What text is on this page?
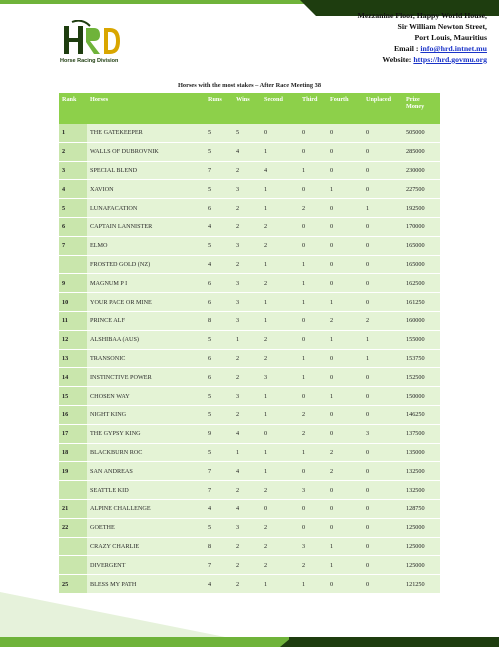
Horse Racing Division
Mezzanine Floor, Happy World House,
Sir William Newton Street,
Port Louis, Mauritius
Email : info@hrd.intnet.mu
Website: https://hrd.govmu.org
Horses with the most stakes – After Race Meeting 38
Rank	Horses	Runs	Wins	Second	Third	Fourth	Unplaced	Prize Money
1	THE GATEKEEPER	5	5	0	0	0	0	505000
2	WALLS OF DUBROVNIK	5	4	1	0	0	0	285000
3	SPECIAL BLEND	7	2	4	1	0	0	230000
4	XAVION	5	3	1	0	1	0	227500
5	LUNAFACATION	6	2	1	2	0	1	192500
6	CAPTAIN LANNISTER	4	2	2	0	0	0	170000
7	ELMO	5	3	2	0	0	0	165000
	FROSTED GOLD (NZ)	4	2	1	1	0	0	165000
9	MAGNUM P I	6	3	2	1	0	0	162500
10	YOUR PACE OR MINE	6	3	1	1	1	0	161250
11	PRINCE ALF	8	3	1	0	2	2	160000
12	ALSHIBAA (AUS)	5	1	2	0	1	1	155000
13	TRANSONIC	6	2	2	1	0	1	153750
14	INSTINCTIVE POWER	6	2	3	1	0	0	152500
15	CHOSEN WAY	5	3	1	0	1	0	150000
16	NIGHT KING	5	2	1	2	0	0	146250
17	THE GYPSY KING	9	4	0	2	0	3	137500
18	BLACKBURN ROC	5	1	1	1	2	0	135000
19	SAN ANDREAS	7	4	1	0	2	0	132500
	SEATTLE KID	7	2	2	3	0	0	132500
21	ALPINE CHALLENGE	4	4	0	0	0	0	128750
22	GOETHE	5	3	2	0	0	0	125000
	CRAZY CHARLIE	8	2	2	3	1	0	125000
	DIVERGENT	7	2	2	2	1	0	125000
25	BLESS MY PATH	4	2	1	1	0	0	121250
